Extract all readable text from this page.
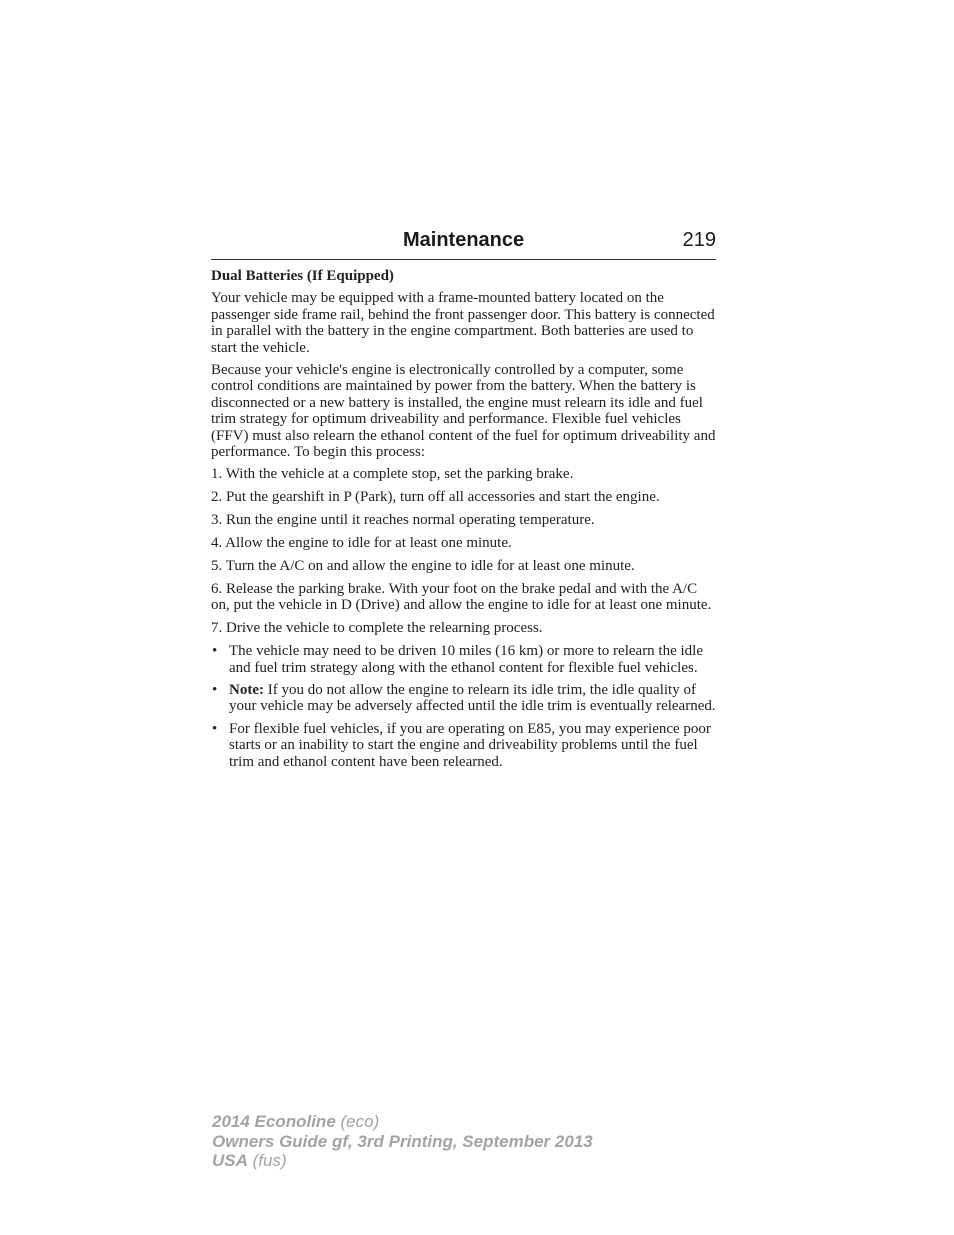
Maintenance	219
Dual Batteries (If Equipped)

Your vehicle may be equipped with a frame-mounted battery located on the passenger side frame rail, behind the front passenger door. This battery is connected in parallel with the battery in the engine compartment. Both batteries are used to start the vehicle.

Because your vehicle's engine is electronically controlled by a computer, some control conditions are maintained by power from the battery. When the battery is disconnected or a new battery is installed, the engine must relearn its idle and fuel trim strategy for optimum driveability and performance. Flexible fuel vehicles (FFV) must also relearn the ethanol content of the fuel for optimum driveability and performance. To begin this process:

1. With the vehicle at a complete stop, set the parking brake.
2. Put the gearshift in P (Park), turn off all accessories and start the engine.
3. Run the engine until it reaches normal operating temperature.
4. Allow the engine to idle for at least one minute.
5. Turn the A/C on and allow the engine to idle for at least one minute.
6. Release the parking brake. With your foot on the brake pedal and with the A/C on, put the vehicle in D (Drive) and allow the engine to idle for at least one minute.
7. Drive the vehicle to complete the relearning process.
• The vehicle may need to be driven 10 miles (16 km) or more to relearn the idle and fuel trim strategy along with the ethanol content for flexible fuel vehicles.
• Note: If you do not allow the engine to relearn its idle trim, the idle quality of your vehicle may be adversely affected until the idle trim is eventually relearned.
• For flexible fuel vehicles, if you are operating on E85, you may experience poor starts or an inability to start the engine and driveability problems until the fuel trim and ethanol content have been relearned.
2014 Econoline (eco)
Owners Guide gf, 3rd Printing, September 2013
USA (fus)
